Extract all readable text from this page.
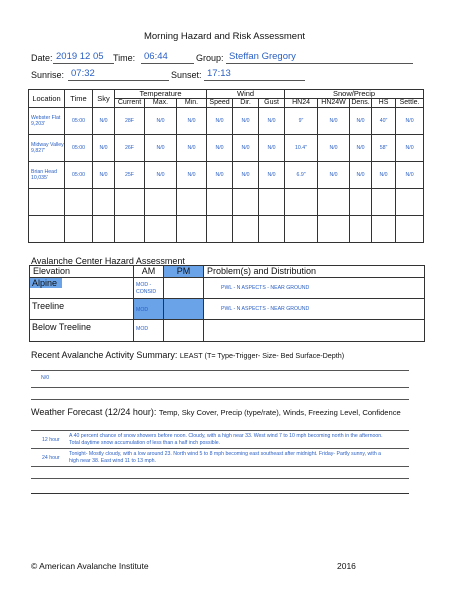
Morning Hazard and Risk Assessment
Date: 2019 12 05	Time: 06:44	Group: Steffan Gregory
Sunrise: 07:32	Sunset: 17:13
Location	Time	Sky	Temperature			Wind			Snow/Precip				
			Current	Max.	Min.	Speed	Dir.	Gust	HN24	HN24W	Dens.	HS	Settle.
Webster Flat 9,203'	05:00	N/0	28F	N/0	N/0	N/0	N/0	N/0	9"	N/0	N/0	40"	N/0
Midway Valley 9,827'	05:00	N/0	26F	N/0	N/0	N/0	N/0	N/0	10.4"	N/0	N/0	58"	N/0
Brian Head 10,035'	05:00	N/0	25F	N/0	N/0	N/0	N/0	N/0	6.9"	N/0	N/0	N/0	N/0

Avalanche Center Hazard Assessment
Elevation	AM	PM	Problem(s) and Distribution

Alpine	MOD - CONSID		PWL - N ASPECTS - NEAR GROUND
Treeline	MOD		PWL - N ASPECTS - NEAR GROUND
Below Treeline	MOD		
Recent Avalanche Activity Summary: LEAST (T= Type-Trigger- Size- Bed Surface-Depth)
N/0
Weather Forecast (12/24 hour): Temp, Sky Cover, Precip (type/rate), Winds, Freezing Level, Confidence
12 hour
A 40 percent chance of snow showers before noon. Cloudy, with a high near 33. West wind 7 to 10 mph becoming north in the afternoon. Total daytime snow accumulation of less than a half inch possible.
24 hour
Tonight- Mostly cloudy, with a low around 23. North wind 5 to 8 mph becoming east southeast after midnight. Friday- Partly sunny, with a high near 38. East wind 11 to 13 mph.
© American Avalanche Institute	2016
